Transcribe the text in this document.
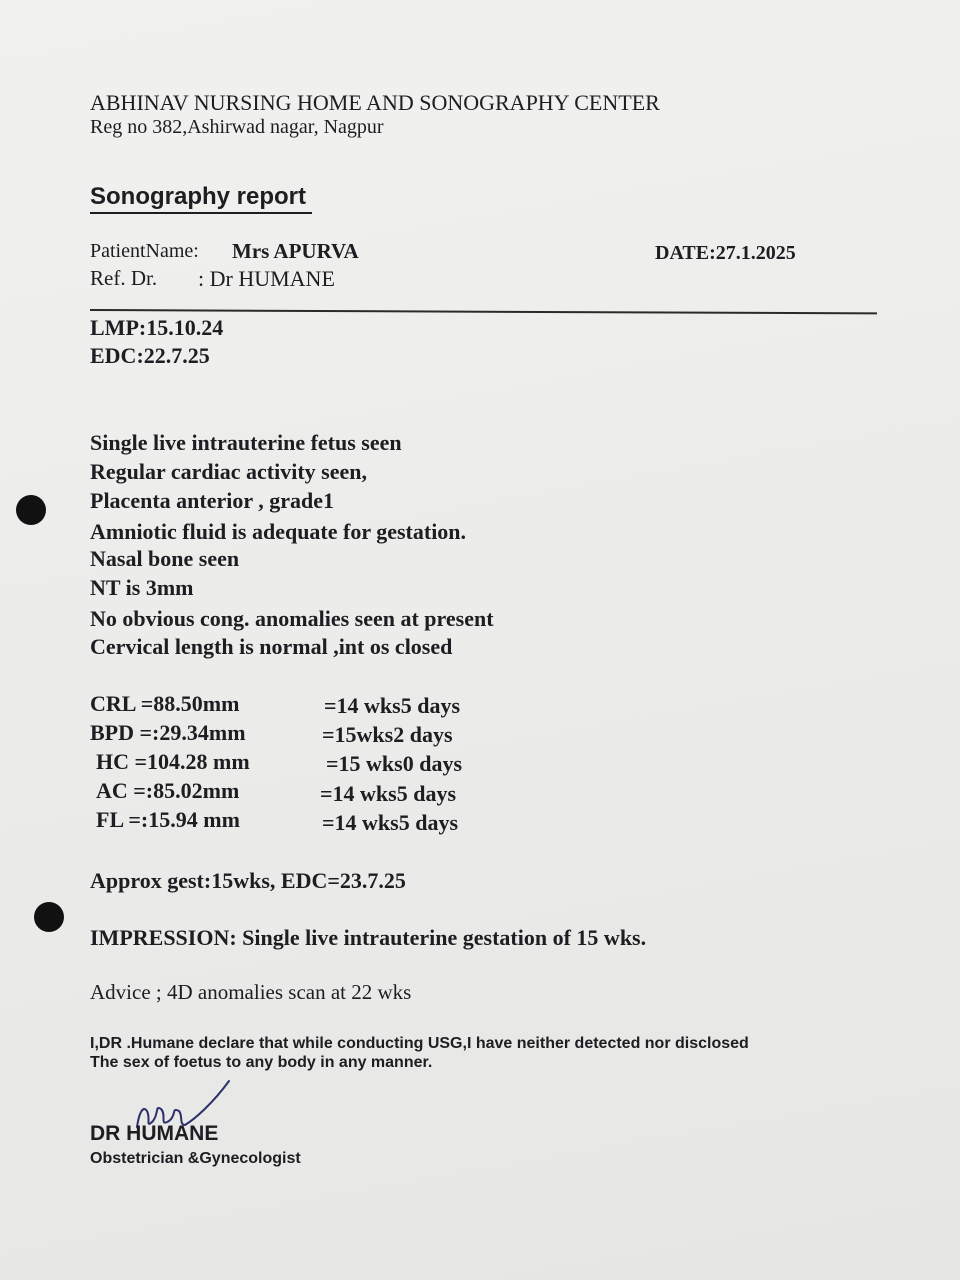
ABHINAV NURSING HOME AND SONOGRAPHY CENTER
Reg no 382,Ashirwad nagar, Nagpur
Sonography report
PatientName: Mrs APURVA	DATE:27.1.2025
Ref. Dr. : Dr HUMANE
LMP:15.10.24
EDC:22.7.25
Single live intrauterine fetus seen
Regular cardiac activity seen,
Placenta anterior , grade1
Amniotic fluid is adequate for gestation.
Nasal bone seen
NT is 3mm
No obvious cong. anomalies seen at present
Cervical length is normal ,int os closed
CRL =88.50mm	=14 wks5 days
BPD =:29.34mm	=15wks2 days
HC =104.28 mm	=15 wks0 days
AC =:85.02mm	=14 wks5 days
FL =:15.94 mm	=14 wks5 days
Approx gest:15wks, EDC=23.7.25
IMPRESSION: Single live intrauterine gestation of 15 wks.
Advice ; 4D anomalies scan at 22 wks
I,DR .Humane declare that while conducting USG,I have neither detected nor disclosed
The sex of foetus to any body in any manner.
DR HUMANE
Obstetrician &Gynecologist
